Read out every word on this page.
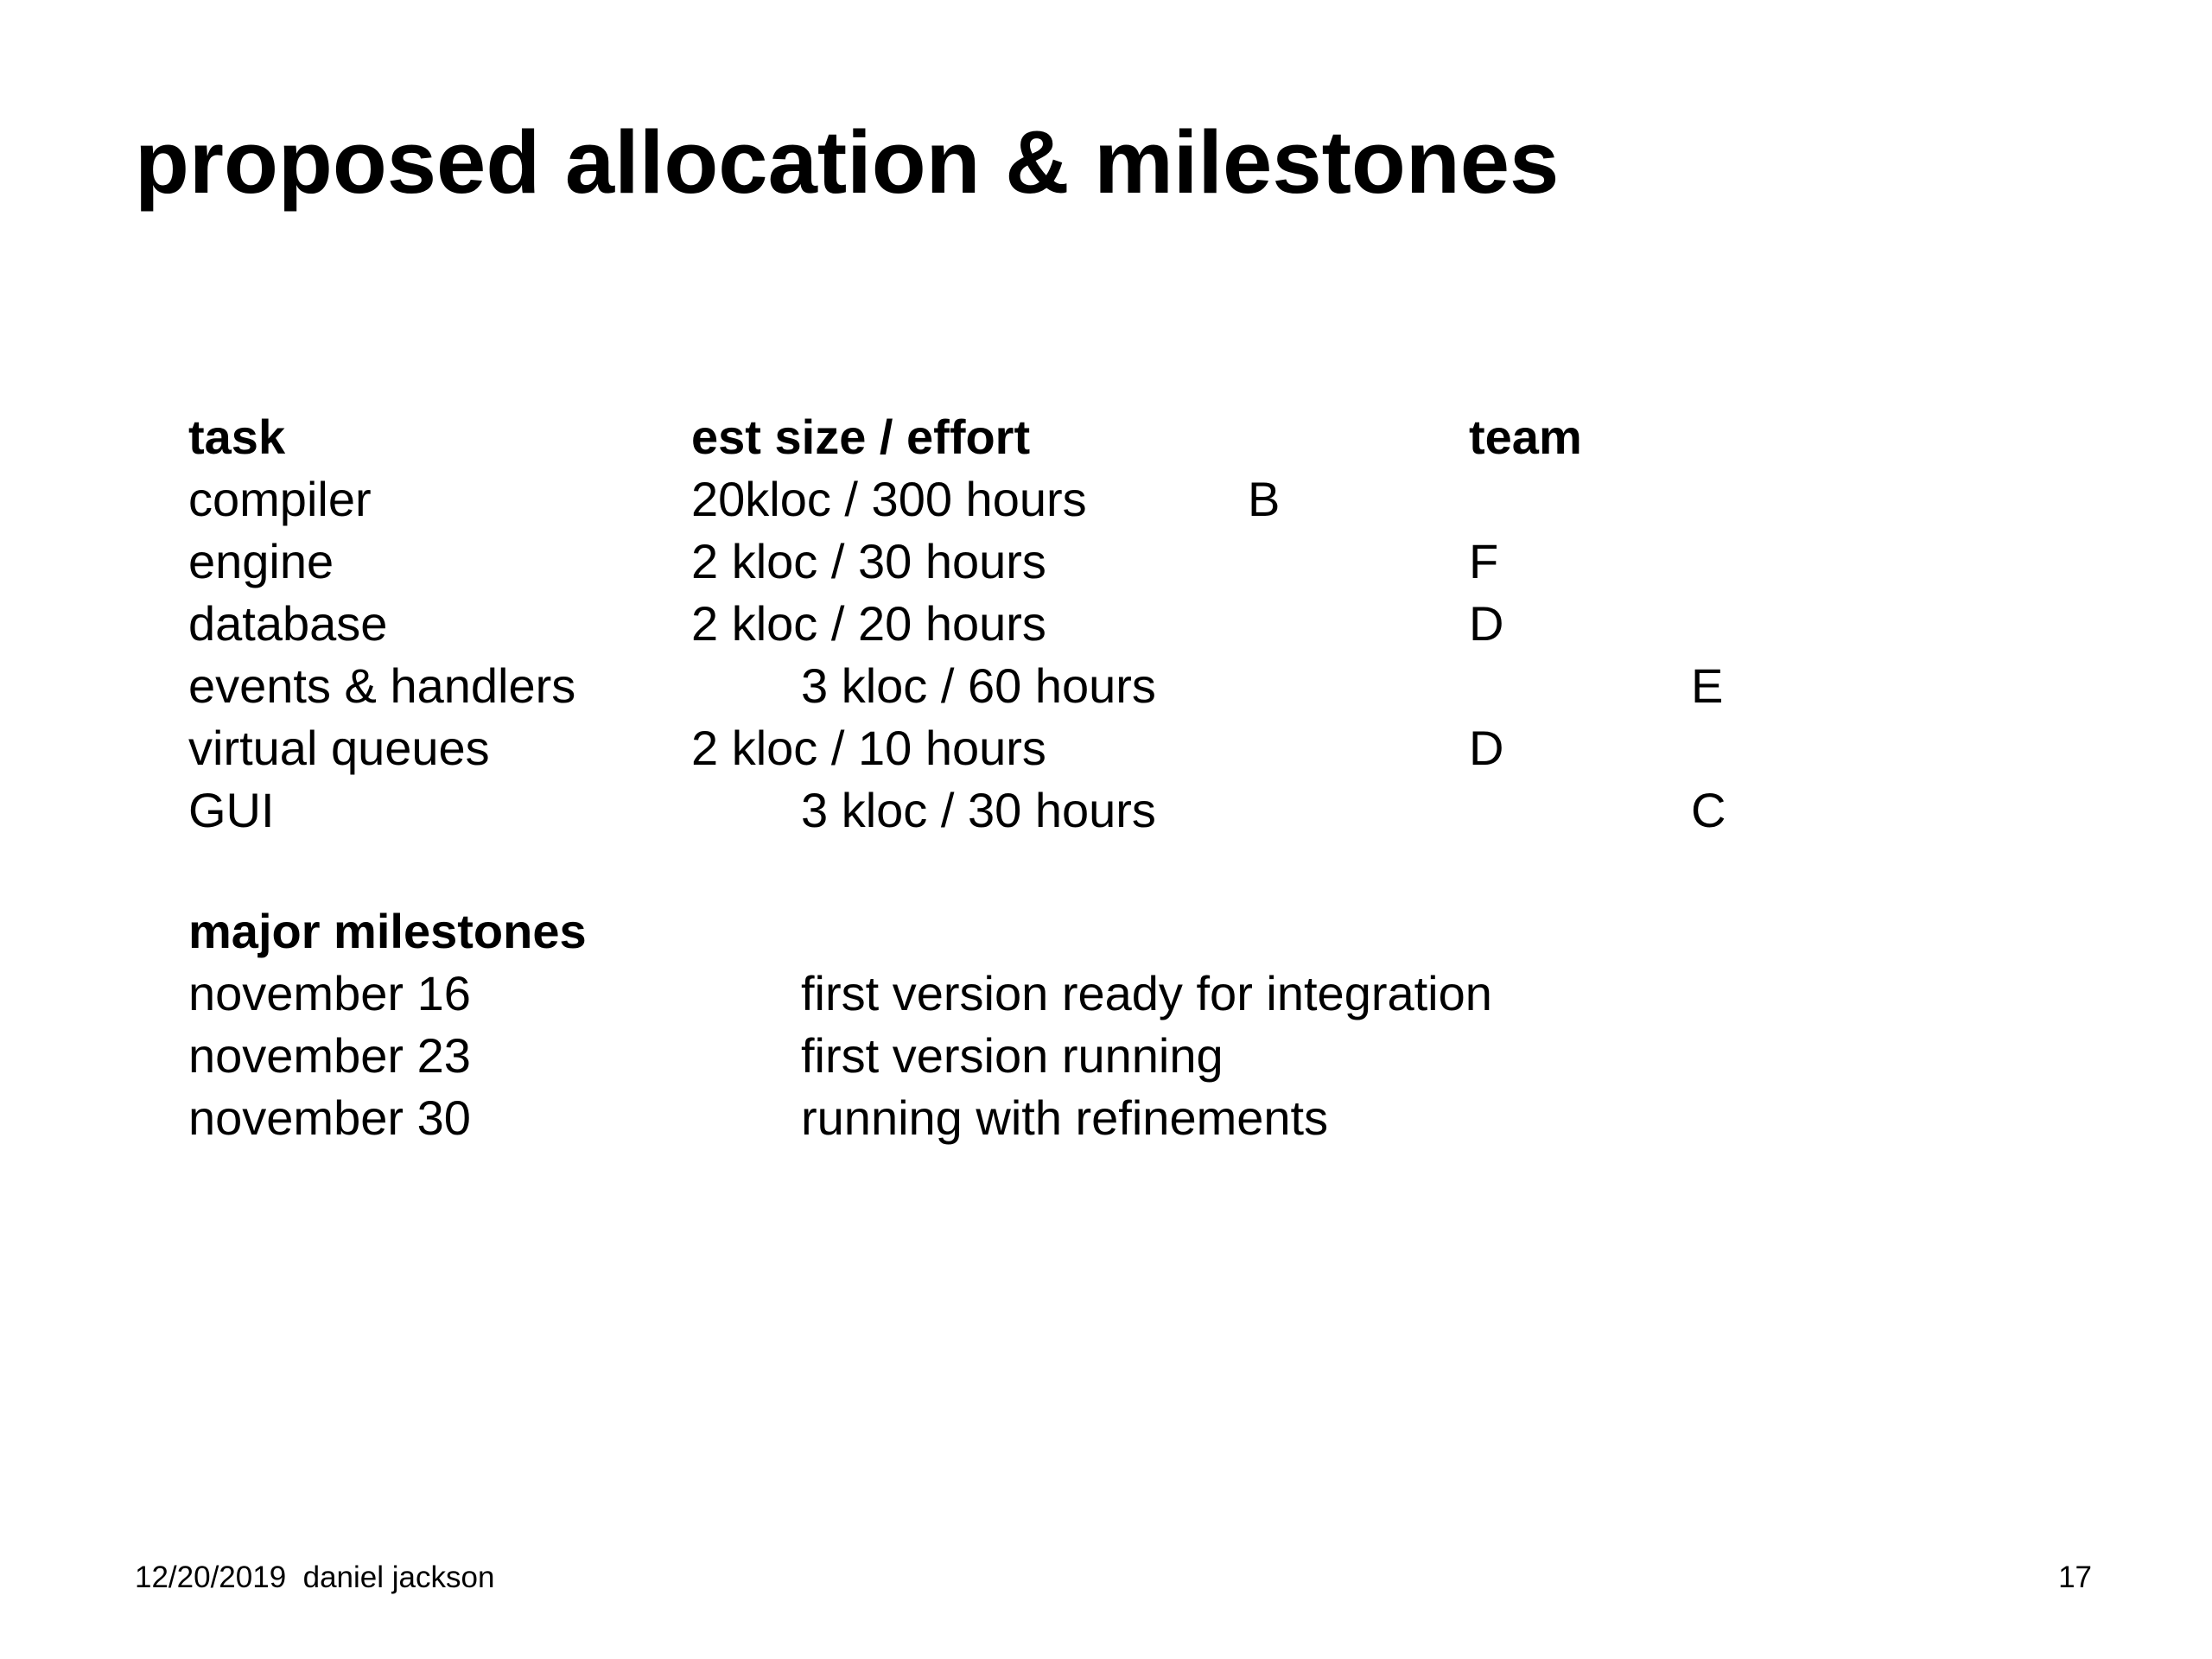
proposed allocation & milestones
task	est size / effort	team
compiler	20kloc / 300 hours	B
engine	2 kloc / 30 hours	F
database	2 kloc / 20 hours	D
events & handlers	3 kloc / 60 hours	E
virtual queues	2 kloc / 10 hours	D
GUI	3 kloc / 30 hours	C
major milestones
november 16	first version ready for integration
november 23	first version running
november 30	running with refinements
12/20/2019  daniel jackson	17
